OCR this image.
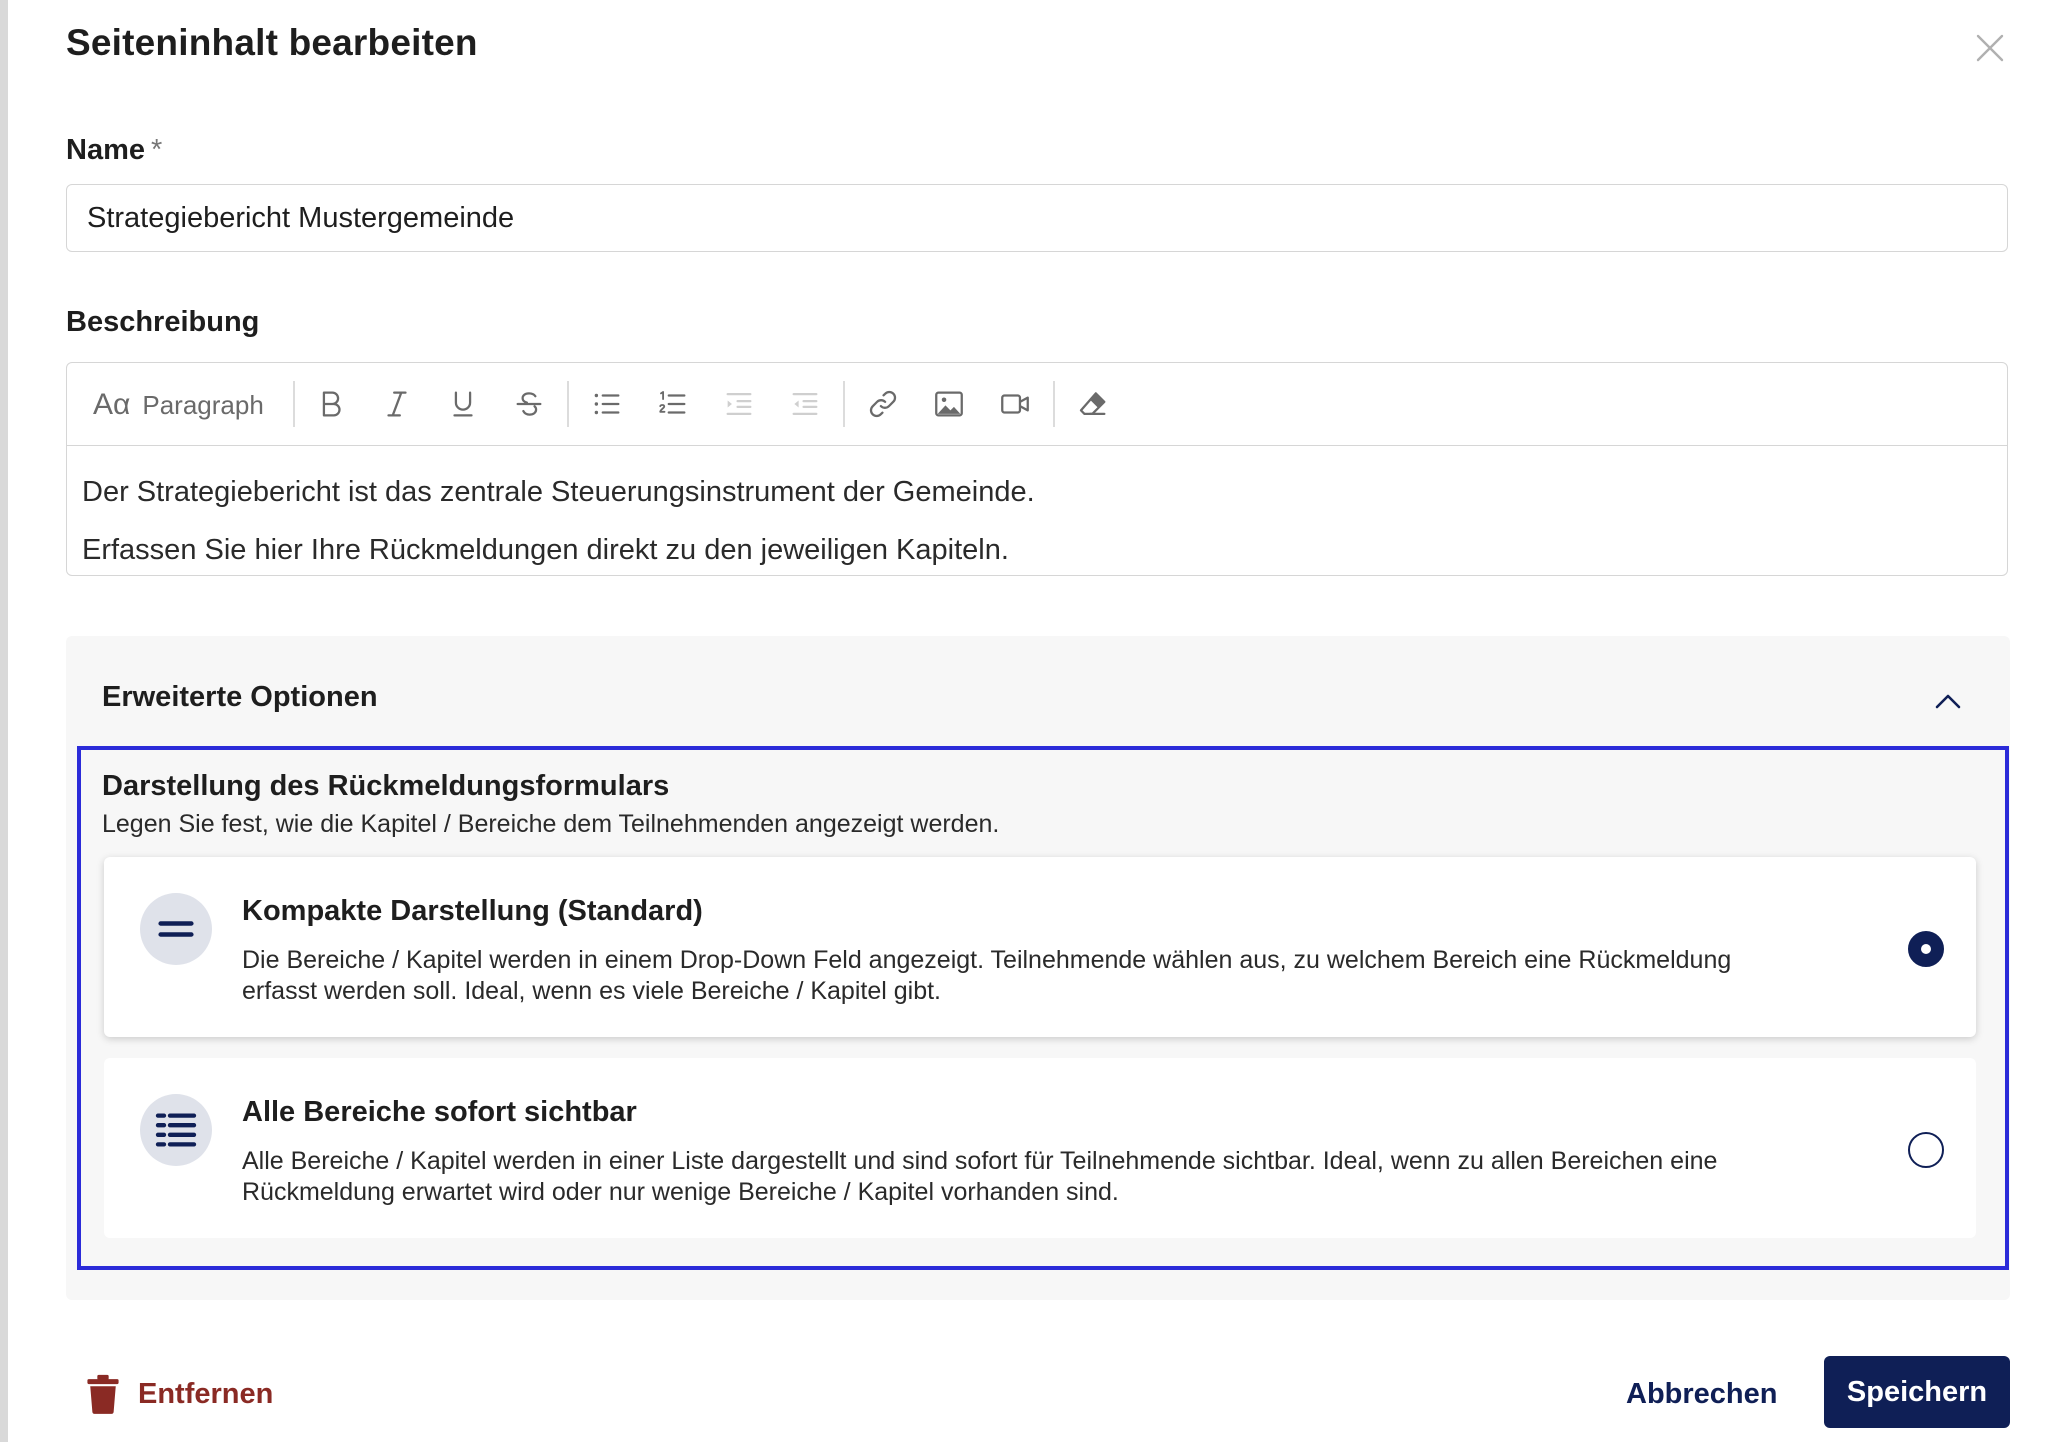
Seiteninhalt bearbeiten
Name *
Strategiebericht Mustergemeinde
Beschreibung
Aα Paragraph
Der Strategiebericht ist das zentrale Steuerungsinstrument der Gemeinde.
Erfassen Sie hier Ihre Rückmeldungen direkt zu den jeweiligen Kapiteln.
Erweiterte Optionen
Darstellung des Rückmeldungsformulars
Legen Sie fest, wie die Kapitel / Bereiche dem Teilnehmenden angezeigt werden.
Kompakte Darstellung (Standard)
Die Bereiche / Kapitel werden in einem Drop-Down Feld angezeigt. Teilnehmende wählen aus, zu welchem Bereich eine Rückmeldung erfasst werden soll. Ideal, wenn es viele Bereiche / Kapitel gibt.
Alle Bereiche sofort sichtbar
Alle Bereiche / Kapitel werden in einer Liste dargestellt und sind sofort für Teilnehmende sichtbar. Ideal, wenn zu allen Bereichen eine Rückmeldung erwartet wird oder nur wenige Bereiche / Kapitel vorhanden sind.
Entfernen	Abbrechen	Speichern
